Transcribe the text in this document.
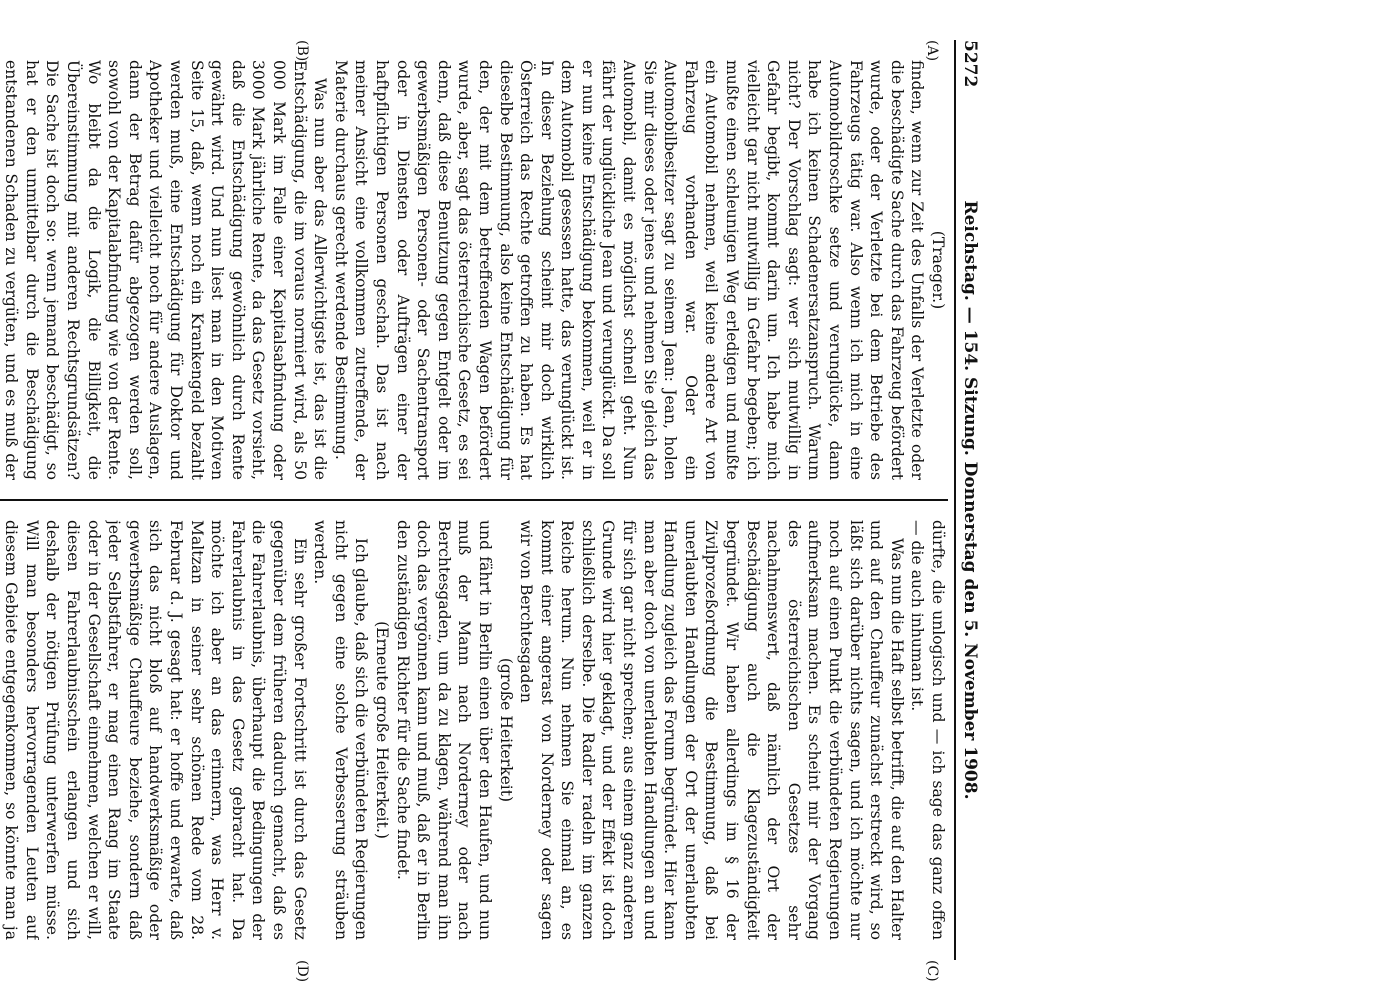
5272
Reichstag. — 154. Sitzung. Donnerstag den 5. November 1908.
(A)
(B)
(C)
(D)

(Traeger.)

finden, wenn zur Zeit des Unfalls der Verletzte oder die beschädigte Sache durch das Fahrzeug befördert wurde, oder der Verletzte bei dem Betriebe des Fahrzeugs tätig war. Also wenn ich mich in eine Automobildroschke setze und verunglücke, dann habe ich keinen Schadenersatzanspruch. Warum nicht? Der Vorschlag sagt: wer sich mutwillig in Gefahr begibt, kommt darin um. Ich habe mich vielleicht gar nicht mutwillig in Gefahr begeben; ich mußte einen schleunigen Weg erledigen und mußte ein Automobil nehmen, weil keine andere Art von Fahrzeug vorhanden war. Oder ein Automobilbesitzer sagt zu seinem Jean: Jean, holen Sie mir dieses oder jenes und nehmen Sie gleich das Automobil, damit es möglichst schnell geht. Nun fährt der unglückliche Jean und verunglückt. Da soll er nun keine Entschädigung bekommen, weil er in dem Automobil gesessen hatte, das verunglückt ist. In dieser Beziehung scheint mir doch wirklich Österreich das Rechte getroffen zu haben. Es hat dieselbe Bestimmung, also keine Entschädigung für den, der mit dem betreffenden Wagen befördert wurde, aber, sagt das österreichische Gesetz, es sei denn, daß diese Benutzung gegen Entgelt oder im gewerbsmäßigen Personen- oder Sachentransport oder in Diensten oder Aufträgen einer der haftpflichtigen Personen geschah. Das ist nach meiner Ansicht eine vollkommen zutreffende, der Materie durchaus gerecht werdende Bestimmung.

Was nun aber das Allerwichtigste ist, das ist die Entschädigung, die im voraus normiert wird, als 50 000 Mark im Falle einer Kapitalsabfindung oder 3000 Mark jährliche Rente, da das Gesetz vorsieht, daß die Entschädigung gewöhnlich durch Rente gewährt wird. Und nun liest man in den Motiven Seite 15, daß, wenn noch ein Krankengeld bezahlt werden muß, eine Entschädigung für Doktor und Apotheker und vielleicht noch für andere Auslagen, dann der Betrag dafür abgezogen werden soll, sowohl von der Kapitalabfindung wie von der Rente. Wo bleibt da die Logik, die Billigkeit, die Übereinstimmung mit anderen Rechtsgrundsätzen? Die Sache ist doch so: wenn jemand beschädigt, so hat er den unmittelbar durch die Beschädigung entstandenen Schaden zu vergüten, und es muß der

dürfte, die unlogisch und — ich sage das ganz offen — die auch inhuman ist.

Was nun die Haft selbst betrifft, die auf den Halter und auf den Chauffeur zunächst erstreckt wird, so läßt sich darüber nichts sagen, und ich möchte nur noch auf einen Punkt die verbündeten Regierungen aufmerksam machen. Es scheint mir der Vorgang des österreichischen Gesetzes sehr nachahmenswert, daß nämlich der Ort der Beschädigung auch die Klagezuständigkeit begründet. Wir haben allerdings im § 16 der Zivilprozeßordnung die Bestimmung, daß bei unerlaubten Handlungen der Ort der unerlaubten Handlung zugleich das Forum begründet. Hier kann man aber doch von unerlaubten Handlungen an und für sich gar nicht sprechen; aus einem ganz anderen Grunde wird hier geklagt, und der Effekt ist doch schließlich derselbe. Die Radler radeln im ganzen Reiche herum. Nun nehmen Sie einmal an, es kommt einer angerast von Norderney oder sagen wir von Berchtesgaden

(große Heiterkeit)

und fährt in Berlin einen über den Haufen, und nun muß der Mann nach Norderney oder nach Berchtesgaden, um da zu klagen, während man ihn doch das vergönnen kann und muß, daß er in Berlin den zuständigen Richter für die Sache findet.

(Erneute große Heiterkeit.)

Ich glaube, daß sich die verbündeten Regierungen nicht gegen eine solche Verbesserung sträuben werden.

Ein sehr großer Fortschritt ist durch das Gesetz gegenüber dem früheren dadurch gemacht, daß es die Fahrerlaubnis, überhaupt die Bedingungen der Fahrerlaubnis in das Gesetz gebracht hat. Da möchte ich aber an das erinnern, was Herr v. Maltzan in seiner sehr schönen Rede vom 28. Februar d. J. gesagt hat: er hoffe und erwarte, daß sich das nicht bloß auf handwerksmäßige oder gewerbsmäßige Chauffeure beziehe, sondern daß jeder Selbstfahrer, er mag einen Rang im Staate oder in der Gesellschaft einnehmen, welchen er will, diesen Fahrerlaubnisschein erlangen und sich deshalb der nötigen Prüfung unterwerfen müsse. Will man besonders hervorragenden Leuten auf diesem Gebiete entgegenkommen, so könnte man ja
